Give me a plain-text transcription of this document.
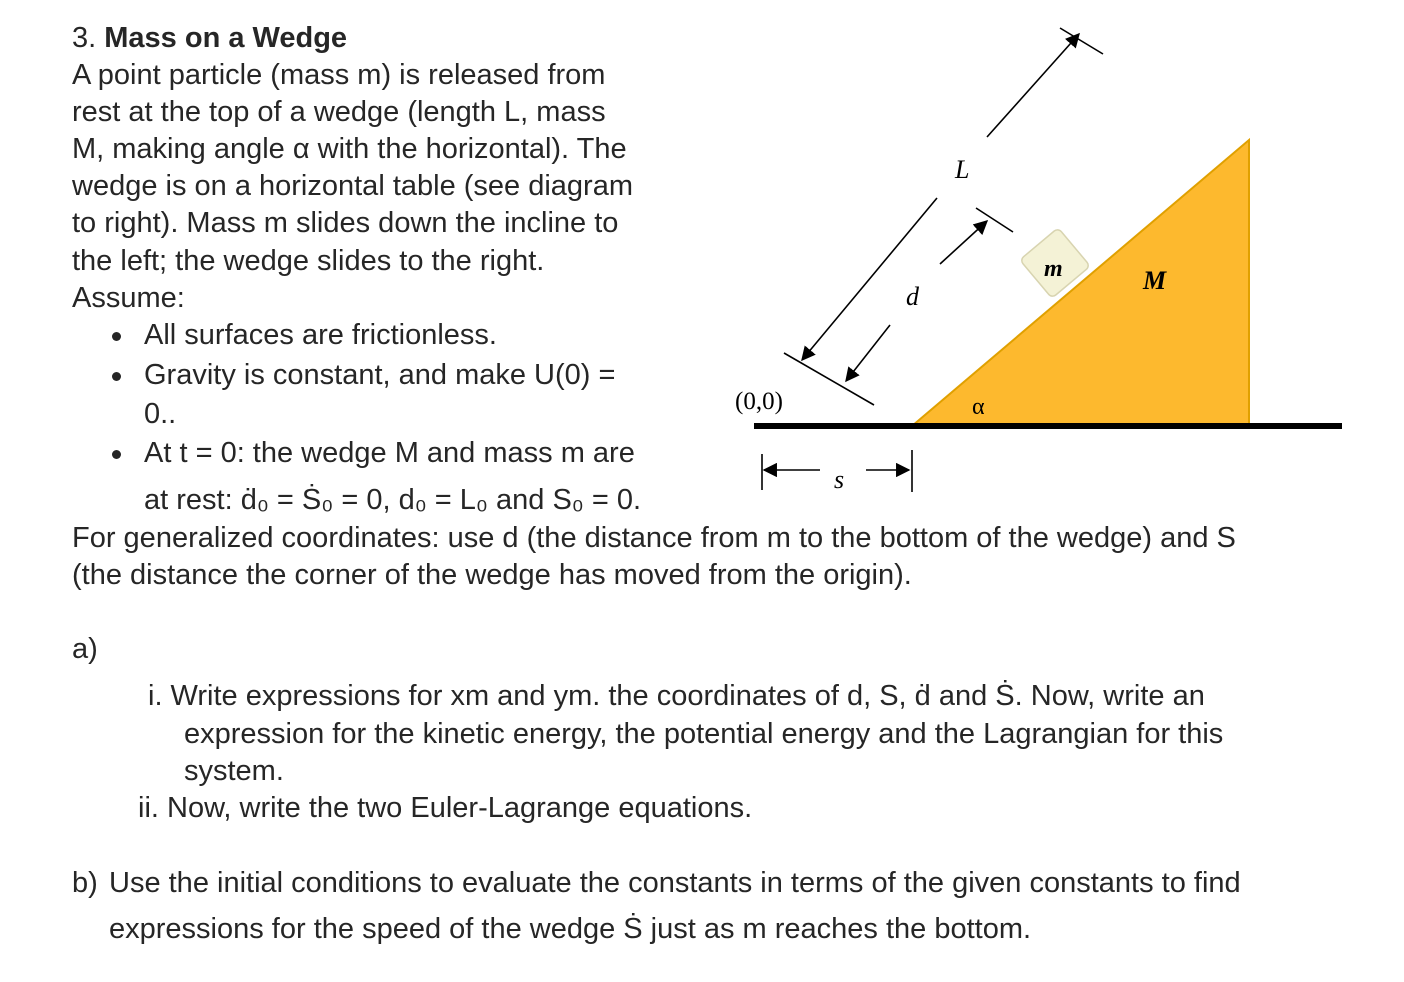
3. Mass on a Wedge
A point particle (mass m) is released from
rest at the top of a wedge (length L, mass
M, making angle α with the horizontal). The
wedge is on a horizontal table (see diagram
to right). Mass m slides down the incline to
the left; the wedge slides to the right.
Assume:
All surfaces are frictionless.
Gravity is constant, and make U(0) =
0..
At t = 0: the wedge M and mass m are
at rest: ḋ₀ = Ṡ₀ = 0, d₀ = L₀ and S₀ = 0.
For generalized coordinates: use d (the distance from m to the bottom of the wedge) and S
(the distance the corner of the wedge has moved from the origin).
a)
i. Write expressions for xm and ym. the coordinates of d, S, ḋ and Ṡ. Now, write an
expression for the kinetic energy, the potential energy and the Lagrangian for this
system.
ii. Now, write the two Euler-Lagrange equations.
b) Use the initial conditions to evaluate the constants in terms of the given constants to find
expressions for the speed of the wedge Ṡ just as m reaches the bottom.
L
d
m	M
α
(0,0)
s
